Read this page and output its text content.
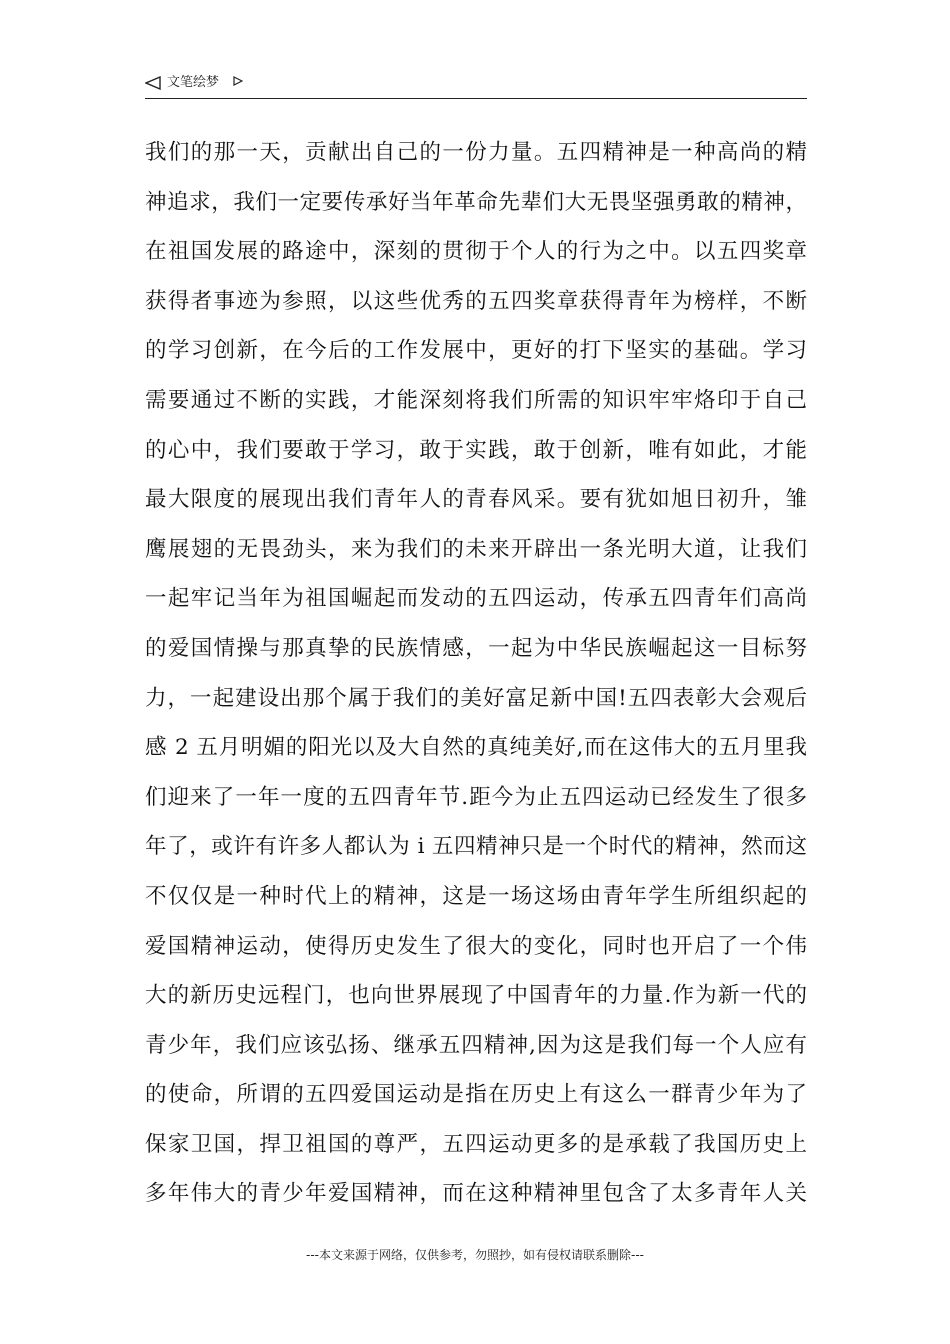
文笔绘梦
我们的那一天，贡献出自己的一份力量。五四精神是一种高尚的精
神追求，我们一定要传承好当年革命先辈们大无畏坚强勇敢的精神，
在祖国发展的路途中，深刻的贯彻于个人的行为之中。以五四奖章
获得者事迹为参照，以这些优秀的五四奖章获得青年为榜样，不断
的学习创新，在今后的工作发展中，更好的打下坚实的基础。学习
需要通过不断的实践，才能深刻将我们所需的知识牢牢烙印于自己
的心中，我们要敢于学习，敢于实践，敢于创新，唯有如此，才能
最大限度的展现出我们青年人的青春风采。要有犹如旭日初升，雏
鹰展翅的无畏劲头，来为我们的未来开辟出一条光明大道，让我们
一起牢记当年为祖国崛起而发动的五四运动，传承五四青年们高尚
的爱国情操与那真挚的民族情感，一起为中华民族崛起这一目标努
力，一起建设出那个属于我们的美好富足新中国!五四表彰大会观后
感 2 五月明媚的阳光以及大自然的真纯美好,而在这伟大的五月里我
们迎来了一年一度的五四青年节.距今为止五四运动已经发生了很多
年了，或许有许多人都认为 i 五四精神只是一个时代的精神，然而这
不仅仅是一种时代上的精神，这是一场这场由青年学生所组织起的
爱国精神运动，使得历史发生了很大的变化，同时也开启了一个伟
大的新历史远程门，也向世界展现了中国青年的力量.作为新一代的
青少年，我们应该弘扬、继承五四精神,因为这是我们每一个人应有
的使命，所谓的五四爱国运动是指在历史上有这么一群青少年为了
保家卫国，捍卫祖国的尊严，五四运动更多的是承载了我国历史上
多年伟大的青少年爱国精神，而在这种精神里包含了太多青年人关
---本文来源于网络，仅供参考，勿照抄，如有侵权请联系删除---
